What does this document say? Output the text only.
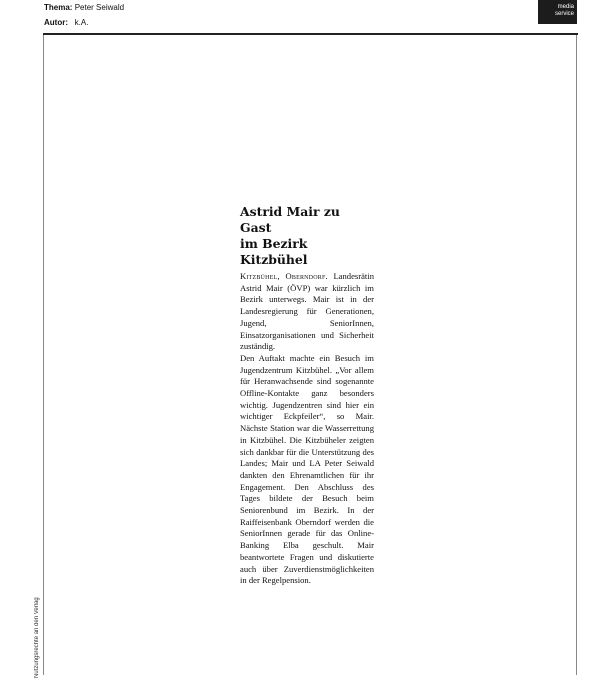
Thema: Peter Seiwald
Autor: k.A.
media
service
Nutzungsrechte an den Verlag
Astrid Mair zu Gast
im Bezirk Kitzbühel

Kitzbühel, Oberndorf. Landesrätin Astrid Mair (ÖVP) war kürzlich im Bezirk unterwegs. Mair ist in der Landesregierung für Generationen, Jugend, SeniorInnen, Einsatzorganisationen und Sicherheit zuständig.

Den Auftakt machte ein Besuch im Jugendzentrum Kitzbühel. „Vor allem für Heranwachsende sind sogenannte Offline-Kontakte ganz besonders wichtig. Jugendzentren sind hier ein wichtiger Eckpfeiler“, so Mair. Nächste Station war die Wasserrettung in Kitzbühel. Die Kitzbüheler zeigten sich dankbar für die Unterstützung des Landes; Mair und LA Peter Seiwald dankten den Ehrenamtlichen für ihr Engagement. Den Abschluss des Tages bildete der Besuch beim Seniorenbund im Bezirk. In der Raiffeisenbank Oberndorf werden die SeniorInnen gerade für das Online-Banking Elba geschult. Mair beantwortete Fragen und diskutierte auch über Zuverdienstmöglichkeiten in der Regelpension.
